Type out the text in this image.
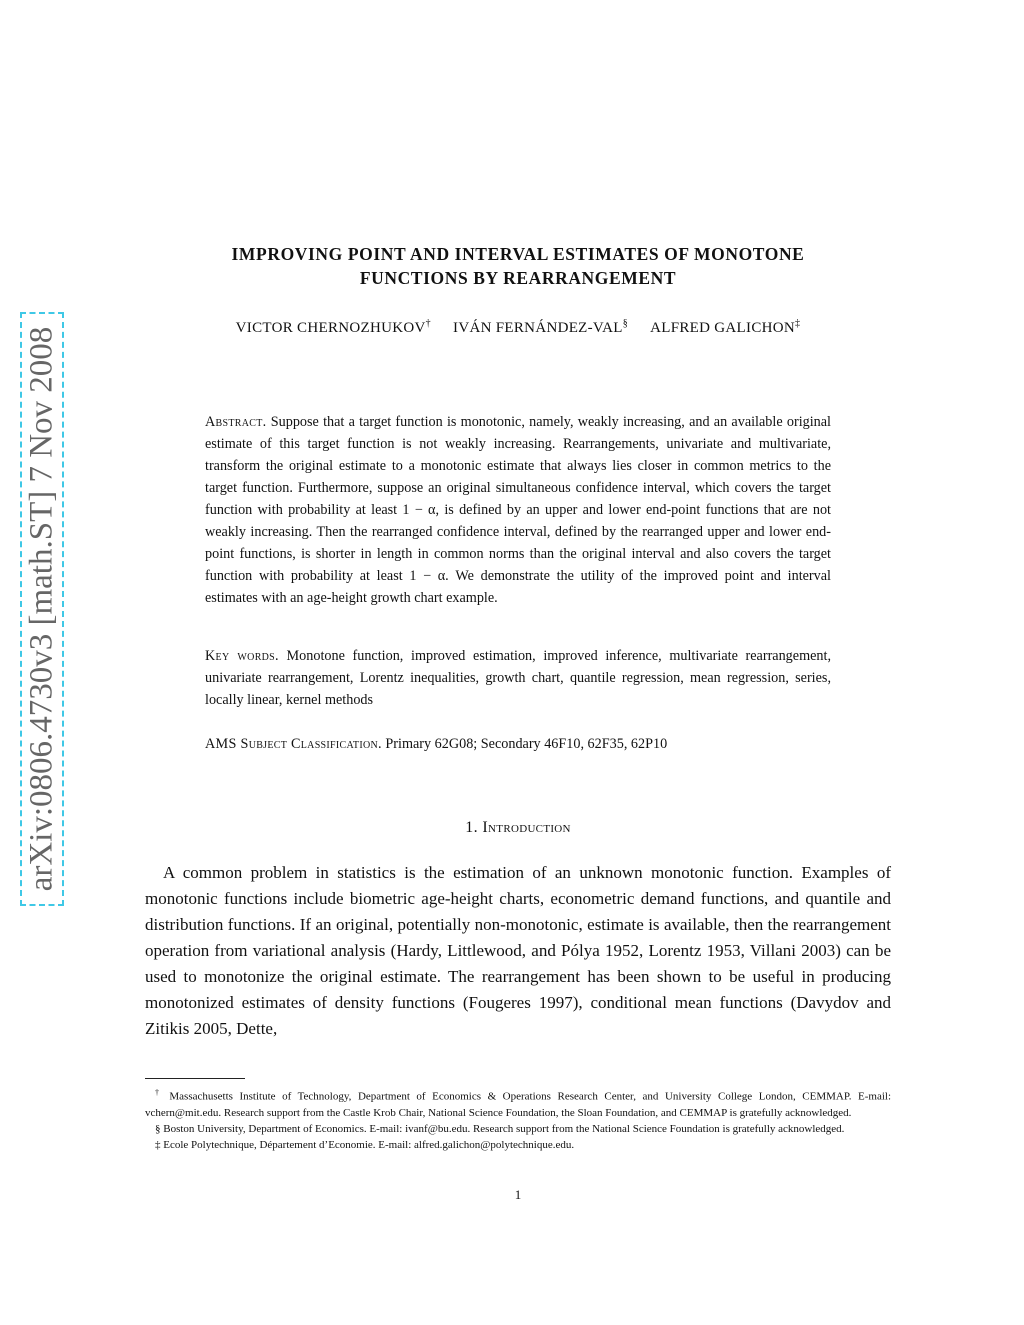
arXiv:0806.4730v3 [math.ST] 7 Nov 2008
IMPROVING POINT AND INTERVAL ESTIMATES OF MONOTONE
FUNCTIONS BY REARRANGEMENT
VICTOR CHERNOZHUKOV† IVÁN FERNÁNDEZ-VAL§ ALFRED GALICHON‡
Abstract. Suppose that a target function is monotonic, namely, weakly increasing, and an available original estimate of this target function is not weakly increasing. Rearrangements, univariate and multivariate, transform the original estimate to a monotonic estimate that always lies closer in common metrics to the target function. Furthermore, suppose an original simultaneous confidence interval, which covers the target function with probability at least 1 − α, is defined by an upper and lower end-point functions that are not weakly increasing. Then the rearranged confidence interval, defined by the rearranged upper and lower end-point functions, is shorter in length in common norms than the original interval and also covers the target function with probability at least 1 − α. We demonstrate the utility of the improved point and interval estimates with an age-height growth chart example.
Key words. Monotone function, improved estimation, improved inference, multivariate rearrangement, univariate rearrangement, Lorentz inequalities, growth chart, quantile regression, mean regression, series, locally linear, kernel methods
AMS Subject Classification. Primary 62G08; Secondary 46F10, 62F35, 62P10
1. Introduction

A common problem in statistics is the estimation of an unknown monotonic function. Examples of monotonic functions include biometric age-height charts, econometric demand functions, and quantile and distribution functions. If an original, potentially non-monotonic, estimate is available, then the rearrangement operation from variational analysis (Hardy, Littlewood, and Pólya 1952, Lorentz 1953, Villani 2003) can be used to monotonize the original estimate. The rearrangement has been shown to be useful in producing monotonized estimates of density functions (Fougeres 1997), conditional mean functions (Davydov and Zitikis 2005, Dette,

† Massachusetts Institute of Technology, Department of Economics & Operations Research Center, and University College London, CEMMAP. E-mail: vchern@mit.edu. Research support from the Castle Krob Chair, National Science Foundation, the Sloan Foundation, and CEMMAP is gratefully acknowledged.

§ Boston University, Department of Economics. E-mail: ivanf@bu.edu. Research support from the National Science Foundation is gratefully acknowledged.

‡ Ecole Polytechnique, Département d’Economie. E-mail: alfred.galichon@polytechnique.edu.

1
